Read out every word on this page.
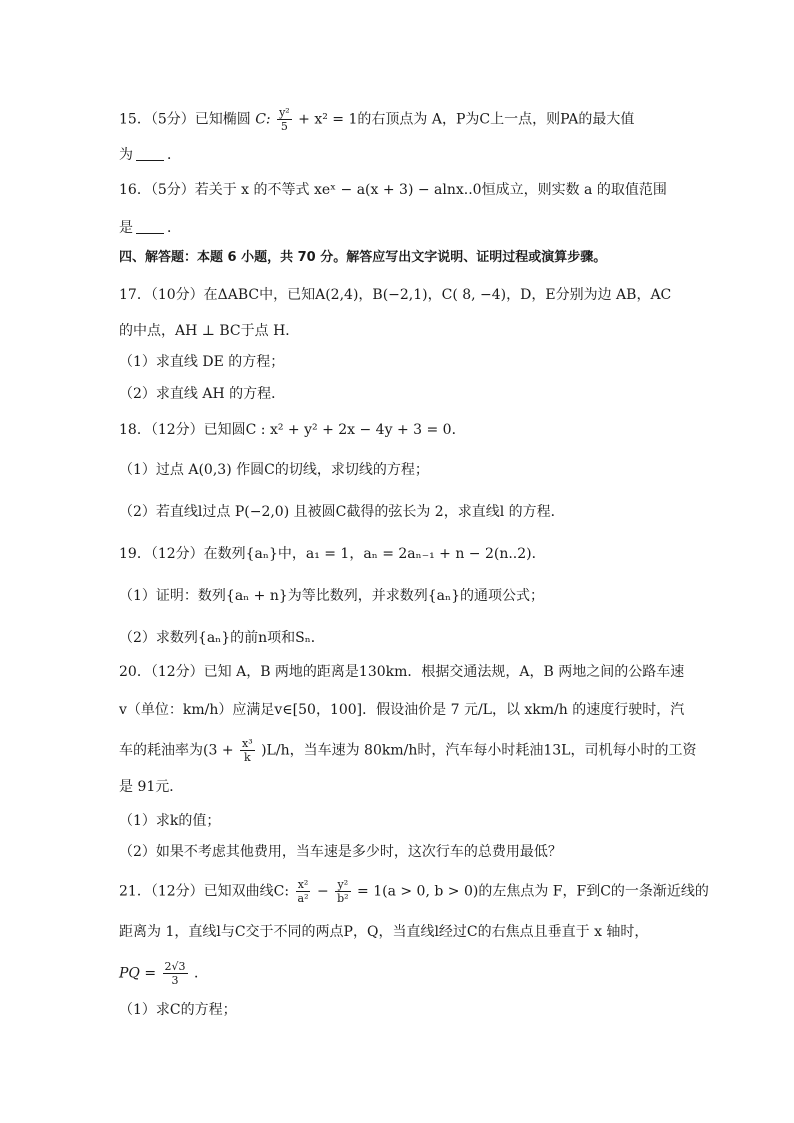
15．（5分）已知椭圆 C: $\frac{\text{y²}}{5} + x^2 = 1$的右顶点为 A，P为C上一点，则PA的最大值
为 ．
16．（5分）若关于 x 的不等式 xeˣ − a(x + 3) − alnx..0恒成立，则实数 a 的取值范围
是 ．
四、解答题：本题 6 小题，共 70 分。解答应写出文字说明、证明过程或演算步骤。
17．（10分）在ΔABC中，已知A(2,4)，B(−2,1)，C( 8, −4)，D，E分别为边 AB，AC
的中点，AH ⊥ BC于点 H．
（1）求直线 DE 的方程；
（2）求直线 AH 的方程．
18．（12分）已知圆C : x² + y² + 2x − 4y + 3 = 0．
（1）过点 A(0,3) 作圆C的切线，求切线的方程；
（2）若直线l过点 P(−2,0) 且被圆C截得的弦长为 2，求直线l 的方程．
19．（12分）在数列{aₙ}中，a₁ = 1，aₙ = 2aₙ₋₁ + n − 2(n..2)．
（1）证明：数列{aₙ + n}为等比数列，并求数列{aₙ}的通项公式；
（2）求数列{aₙ}的前n项和Sₙ．
20．（12分）已知 A，B 两地的距离是130km．根据交通法规，A，B 两地之间的公路车速
v（单位：km/h）应满足v∈[50，100]．假设油价是 7 元/L，以 xkm/h 的速度行驶时，汽
车的耗油率为$(3 + \frac{\text{x³}}{k} )L/h$，当车速为 80km/h时，汽车每小时耗油13L，司机每小时的工资
是 91元．
（1）求k的值；
（2）如果不考虑其他费用，当车速是多少时，这次行车的总费用最低？
21．（12分）已知双曲线C: $\frac{\text{x²}}{\text{a²}} - \frac{\text{y²}}{\text{b²}} = 1(a > 0$, b > 0)的左焦点为 F，F到C的一条渐近线的
距离为 1，直线l与C交于不同的两点P，Q，当直线l经过C的右焦点且垂直于 x 轴时，
PQ = $\frac{2√3}{3}$ ．
（1）求C的方程；
